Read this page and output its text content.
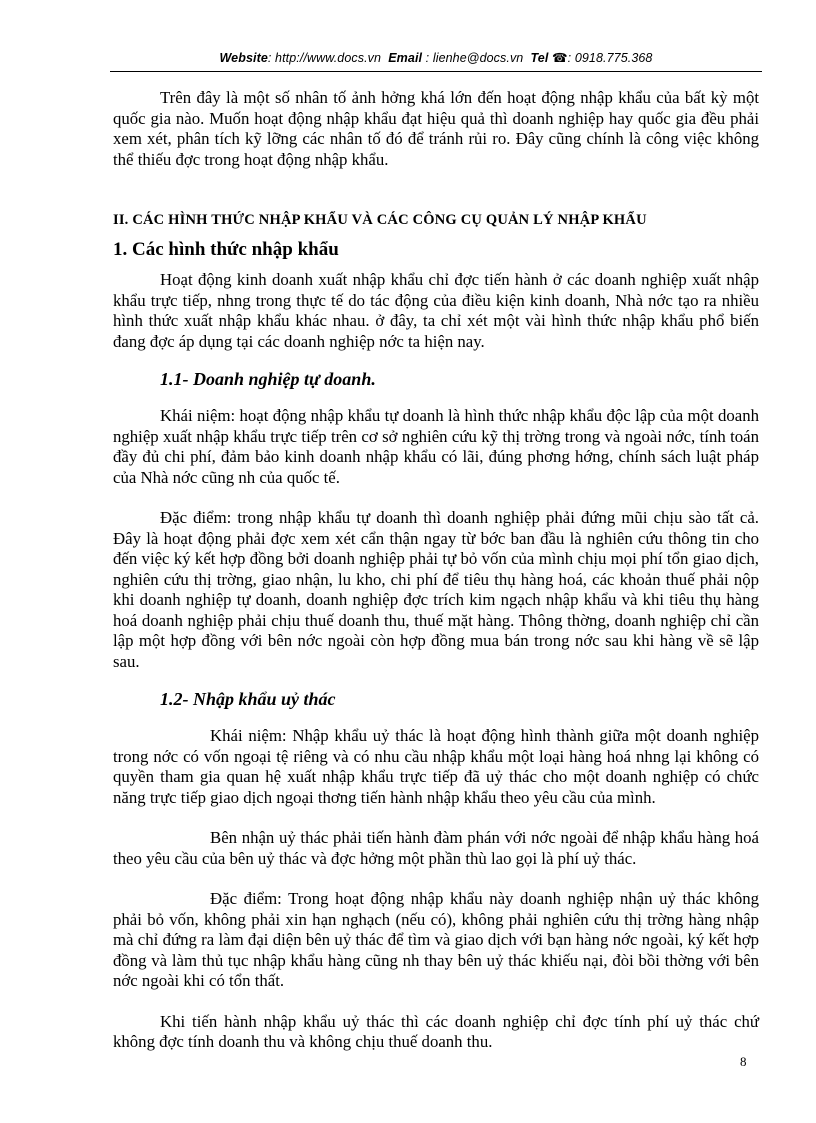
Website: http://www.docs.vn Email : lienhe@docs.vn Tel ☎: 0918.775.368

Trên đây là một số nhân tố ảnh hởng khá lớn đến hoạt động nhập khẩu của bất kỳ một quốc gia nào. Muốn hoạt động nhập khẩu đạt hiệu quả thì doanh nghiệp hay quốc gia đều phải xem xét, phân tích kỹ lỡng các nhân tố đó để tránh rủi ro. Đây cũng chính là công việc không thể thiếu đợc trong hoạt động nhập khẩu.

II. CÁC HÌNH THỨC NHẬP KHẨU VÀ CÁC CÔNG CỤ QUẢN LÝ NHẬP KHẨU

1. Các hình thức nhập khẩu

Hoạt động kinh doanh xuất nhập khẩu chỉ đợc tiến hành ở các doanh nghiệp xuất nhập khẩu trực tiếp, nhng trong thực tế do tác động của điều kiện kinh doanh, Nhà nớc tạo ra nhiều hình thức xuất nhập khẩu khác nhau. ở đây, ta chỉ xét một vài hình thức nhập khẩu phổ biến đang đợc áp dụng tại các doanh nghiệp nớc ta hiện nay.

1.1- Doanh nghiệp tự doanh.

Khái niệm: hoạt động nhập khẩu tự doanh là hình thức nhập khẩu độc lập của một doanh nghiệp xuất nhập khẩu trực tiếp trên cơ sở nghiên cứu kỹ thị trờng trong và ngoài nớc, tính toán đầy đủ chi phí, đảm bảo kinh doanh nhập khẩu có lãi, đúng phơng hớng, chính sách luật pháp của Nhà nớc cũng nh của quốc tế.

Đặc điểm: trong nhập khẩu tự doanh thì doanh nghiệp phải đứng mũi chịu sào tất cả. Đây là hoạt động phải đợc xem xét cẩn thận ngay từ bớc ban đầu là nghiên cứu thông tin cho đến việc ký kết hợp đồng bởi doanh nghiệp phải tự bỏ vốn của mình chịu mọi phí tổn giao dịch, nghiên cứu thị trờng, giao nhận, lu kho, chi phí để tiêu thụ hàng hoá, các khoản thuế phải nộp khi doanh nghiệp tự doanh, doanh nghiệp đợc trích kim ngạch nhập khẩu và khi tiêu thụ hàng hoá doanh nghiệp phải chịu thuế doanh thu, thuế mặt hàng. Thông thờng, doanh nghiệp chỉ cần lập một hợp đồng với bên nớc ngoài còn hợp đồng mua bán trong nớc sau khi hàng về sẽ lập sau.

1.2- Nhập khẩu uỷ thác

Khái niệm: Nhập khẩu uỷ thác là hoạt động hình thành giữa một doanh nghiệp trong nớc có vốn ngoại tệ riêng và có nhu cầu nhập khẩu một loại hàng hoá nhng lại không có quyền tham gia quan hệ xuất nhập khẩu trực tiếp đã uỷ thác cho một doanh nghiệp có chức năng trực tiếp giao dịch ngoại thơng tiến hành nhập khẩu theo yêu cầu của mình.

Bên nhận uỷ thác phải tiến hành đàm phán với nớc ngoài để nhập khẩu hàng hoá theo yêu cầu của bên uỷ thác và đợc hởng một phần thù lao gọi là phí uỷ thác.

Đặc điểm: Trong hoạt động nhập khẩu này doanh nghiệp nhận uỷ thác không phải bỏ vốn, không phải xin hạn nghạch (nếu có), không phải nghiên cứu thị trờng hàng nhập mà chỉ đứng ra làm đại diện bên uỷ thác để tìm và giao dịch với bạn hàng nớc ngoài, ký kết hợp đồng và làm thủ tục nhập khẩu hàng cũng nh thay bên uỷ thác khiếu nại, đòi bồi thờng với bên nớc ngoài khi có tổn thất.

Khi tiến hành nhập khẩu uỷ thác thì các doanh nghiệp chỉ đợc tính phí uỷ thác chứ không đợc tính doanh thu và không chịu thuế doanh thu.

8
